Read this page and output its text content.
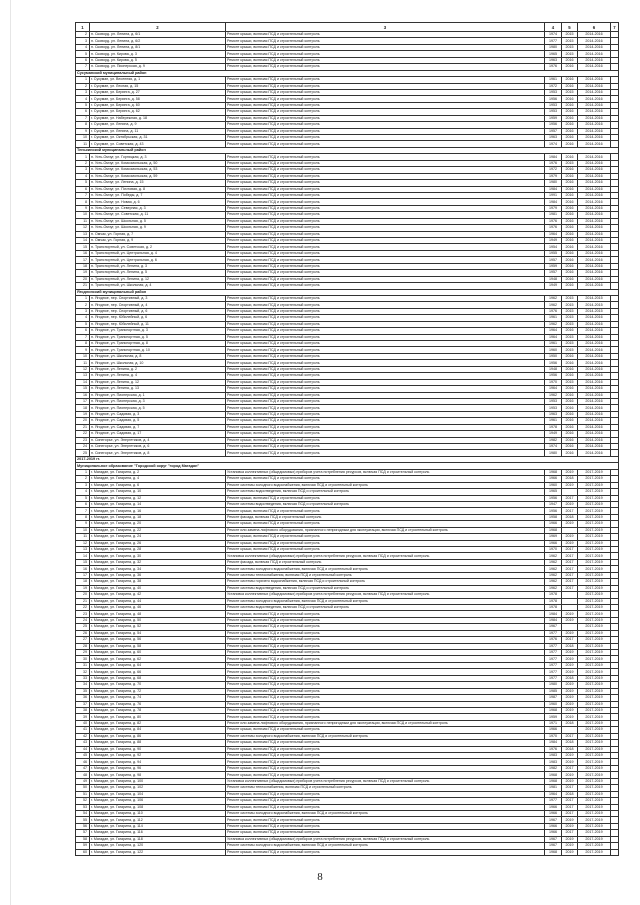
1	2	3	4	5	6	7
2	п. Сковорд. ул. Ленина, д. 6/1	Ремонт крыши, включая ПСД и строительный контроль	1974	2015	2014-2016	
3	п. Сковорд. ул. Ленина, д. 6/2	Ремонт крыши, включая ПСД и строительный контроль	1977	2015	2014-2016	
4	п. Сковорд. ул. Ленина, д. 8/1	Ремонт крыши, включая ПСД и строительный контроль	1980	2015	2014-2016	
5	п. Сковорд. ул. Кирова, д. 3	Ремонт крыши, включая ПСД и строительный контроль	1965	2015	2014-2016	
6	п. Сковорд. ул. Кирова, д. 5	Ремонт крыши, включая ПСД и строительный контроль	1963	2016	2014-2016	
7	п. Сковорд. ул. Пионерская, д. 9	Ремонт крыши, включая ПСД и строительный контроль	1976	2016	2014-2016	
Сусуманский муниципальный район						
1	г. Сусуман, ул. Весенняя, д. 1	Ремонт крыши, включая ПСД и строительный контроль	1961	2016	2014-2016	
2	г. Сусуман, ул. Лесная, д. 15	Ремонт крыши, включая ПСД и строительный контроль	1972	2016	2014-2016	
3	г. Сусуман, ул. Беринга, д. 27	Ремонт крыши, включая ПСД и строительный контроль	1953	2015	2014-2016	
4	г. Сусуман, ул. Беринга, д. 58	Ремонт крыши, включая ПСД и строительный контроль	1956	2016	2014-2016	
5	г. Сусуман, ул. Беринга, д. 60	Ремонт крыши, включая ПСД и строительный контроль	1953	2016	2014-2016	
6	г. Сусуман, ул. Беринга, д. 62	Ремонт крыши, включая ПСД и строительный контроль	1953	2016	2014-2016	
7	г. Сусуман, ул. Набережная, д. 18	Ремонт крыши, включая ПСД и строительный контроль	1959	2016	2014-2016	
8	г. Сусуман, ул. Ленина, д. 9	Ремонт крыши, включая ПСД и строительный контроль	1956	2016	2014-2016	
9	г. Сусуман, ул. Ленина, д. 11	Ремонт крыши, включая ПСД и строительный контроль	1957	2016	2014-2016	
10	г. Сусуман, ул. Октябрьская, д. 31	Ремонт крыши, включая ПСД и строительный контроль	1963	2016	2014-2016	
11	г. Сусуман, ул. Советская, д. 43	Ремонт крыши, включая ПСД и строительный контроль	1974	2016	2014-2016	
Тенькинский муниципальный район						
1	п. Усть-Омчуг, ул. Горняцкая, д. 3	Ремонт крыши, включая ПСД и строительный контроль	1984	2016	2014-2016	
2	п. Усть-Омчуг, ул. Комсомольская, д. 50	Ремонт крыши, включая ПСД и строительный контроль	1976	2015	2014-2016	
3	п. Усть-Омчуг, ул. Комсомольская, д. 53	Ремонт крыши, включая ПСД и строительный контроль	1972	2016	2014-2016	
4	п. Усть-Омчуг, ул. Комсомольская, д. 59	Ремонт крыши, включая ПСД и строительный контроль	1979	2016	2014-2016	
5	п. Усть-Омчуг, ул. Ленина, д. 15	Ремонт крыши, включая ПСД и строительный контроль	1980	2016	2014-2016	
6	п. Усть-Омчуг, ул. Почтовая, д. 8	Ремонт крыши, включая ПСД и строительный контроль	1984	2016	2014-2016	
7	п. Усть-Омчуг, ул. Победы, д. 7	Ремонт крыши, включая ПСД и строительный контроль	1991	2016	2014-2016	
8	п. Усть-Омчуг, ул. Новая, д. 6	Ремонт крыши, включая ПСД и строительный контроль	1984	2016	2014-2016	
9	п. Усть-Омчуг, ул. Северная, д. 3	Ремонт крыши, включая ПСД и строительный контроль	1979	2016	2014-2016	
10	п. Усть-Омчуг, ул. Советская, д. 11	Ремонт крыши, включая ПСД и строительный контроль	1981	2016	2014-2016	
11	п. Усть-Омчуг, ул. Школьная, д. 5	Ремонт крыши, включая ПСД и строительный контроль	1976	2016	2014-2016	
12	п. Усть-Омчуг, ул. Школьная, д. 9	Ремонт крыши, включая ПСД и строительный контроль	1976	2016	2014-2016	
13	п. Омчак, ул. Горная, д. 7	Ремонт крыши, включая ПСД и строительный контроль	1964	2016	2014-2016	
14	п. Омчак, ул. Горная, д. 9	Ремонт крыши, включая ПСД и строительный контроль	1949	2016	2014-2016	
15	п. Транспортный, ул. Советская, д. 2	Ремонт крыши, включая ПСД и строительный контроль	1954	2016	2014-2016	
16	п. Транспортный, ул. Центральная, д. 4	Ремонт крыши, включая ПСД и строительный контроль	1955	2016	2014-2016	
17	п. Транспортный, ул. Центральная, д. 6	Ремонт крыши, включая ПСД и строительный контроль	1957	2016	2014-2016	
18	п. Транспортный, ул. Ленина, д. 3	Ремонт крыши, включая ПСД и строительный контроль	1959	2016	2014-2016	
19	п. Транспортный, ул. Ленина, д. 5	Ремонт крыши, включая ПСД и строительный контроль	1957	2016	2014-2016	
20	п. Транспортный, ул. Ленина, д. 12	Ремонт крыши, включая ПСД и строительный контроль	1948	2016	2014-2016	
21	п. Транспортный, ул. Школьная, д. 4	Ремонт крыши, включая ПСД и строительный контроль	1949	2016	2014-2016	
Ягоднинский муниципальный район						
1	п. Ягодное, пер. Спортивный, д. 3	Ремонт крыши, включая ПСД и строительный контроль	1962	2015	2014-2015	
2	п. Ягодное, пер. Спортивный, д. 4	Ремонт крыши, включая ПСД и строительный контроль	1962	2015	2014-2015	
3	п. Ягодное, пер. Спортивный, д. 6	Ремонт крыши, включая ПСД и строительный контроль	1976	2015	2014-2015	
4	п. Ягодное, пер. Юбилейный, д. 6	Ремонт крыши, включая ПСД и строительный контроль	1961	2015	2014-2016	
5	п. Ягодное, пер. Юбилейный, д. 11	Ремонт крыши, включая ПСД и строительный контроль	1962	2015	2014-2016	
6	п. Ягодное, ул. Транспортная, д. 3	Ремонт крыши, включая ПСД и строительный контроль	1964	2016	2014-2016	
7	п. Ягодное, ул. Транспортная, д. 5	Ремонт крыши, включая ПСД и строительный контроль	1964	2015	2014-2016	
8	п. Ягодное, ул. Транспортная, д. 8	Ремонт крыши, включая ПСД и строительный контроль	1961	2015	2014-2016	
9	п. Ягодное, ул. Транспортная, д. 10	Ремонт крыши, включая ПСД и строительный контроль	1960	2015	2014-2016	
10	п. Ягодное, ул. Школьная, д. 8	Ремонт крыши, включая ПСД и строительный контроль	1950	2016	2014-2016	
11	п. Ягодное, ул. Школьная, д. 10	Ремонт крыши, включая ПСД и строительный контроль	1956	2016	2014-2016	
12	п. Ягодное, ул. Ленина, д. 2	Ремонт крыши, включая ПСД и строительный контроль	1948	2016	2014-2016	
13	п. Ягодное, ул. Ленина, д. 4	Ремонт крыши, включая ПСД и строительный контроль	1956	2016	2014-2016	
14	п. Ягодное, ул. Ленина, д. 12	Ремонт крыши, включая ПСД и строительный контроль	1970	2015	2014-2016	
15	п. Ягодное, ул. Ленина, д. 13	Ремонт крыши, включая ПСД и строительный контроль	1964	2016	2014-2016	
16	п. Ягодное, ул. Пионерская, д. 1	Ремонт крыши, включая ПСД и строительный контроль	1962	2016	2014-2016	
17	п. Ягодное, ул. Пионерская, д. 3	Ремонт крыши, включая ПСД и строительный контроль	1953	2016	2014-2016	
18	п. Ягодное, ул. Пионерская, д. 5	Ремонт крыши, включая ПСД и строительный контроль	1953	2016	2014-2016	
19	п. Ягодное, ул. Садовая, д. 3	Ремонт крыши, включая ПСД и строительный контроль	1963	2016	2014-2016	
20	п. Ягодное, ул. Садовая, д. 5	Ремонт крыши, включая ПСД и строительный контроль	1961	2016	2014-2016	
21	п. Ягодное, ул. Садовая, д. 7	Ремонт крыши, включая ПСД и строительный контроль	1978	2016	2014-2016	
22	п. Ягодное, ул. Садовая, д. 17	Ремонт крыши, включая ПСД и строительный контроль	1949	2016	2014-2016	
23	п. Синегорье, ул. Энергетиков, д. 4	Ремонт крыши, включая ПСД и строительный контроль	1982	2016	2014-2016	
24	п. Синегорье, ул. Энергетиков, д. 6	Ремонт крыши, включая ПСД и строительный контроль	1974	2016	2014-2016	
25	п. Синегорье, ул. Энергетиков, д. 8	Ремонт крыши, включая ПСД и строительный контроль	1980	2016	2014-2016	
2017-2019 гг.						
Муниципальное образование "Городской округ "город Магадан"						
1	г. Магадан, ул. Гагарина, д. 2	Установка коллективных (общедомовых) приборов учета потребления ресурсов, включая ПСД и строительный контроль	1968	2019	2017-2019	
2	г. Магадан, ул. Гагарина, д. 4	Ремонт крыши, включая ПСД и строительный контроль	1966	2018	2017-2019	
3	г. Магадан, ул. Гагарина, д. 6	Ремонт системы холодного водоснабжения, включая ПСД и строительный контроль	1960	2019	2017-2019	
4	г. Магадан, ул. Гагарина, д. 10	Ремонт системы водоотведения, включая ПСД и строительный контроль	1965		2017-2019	
5	г. Магадан, ул. Гагарина, д. 12	Ремонт крыши, включая ПСД и строительный контроль	1956	2017	2017-2019	
6	г. Магадан, ул. Гагарина, д. 14	Ремонт системы водоотведения, включая ПСД и строительный контроль	1947	2019	2017-2019	
7	г. Магадан, ул. Гагарина, д. 16	Ремонт крыши, включая ПСД и строительный контроль	1956	2017	2017-2019	
8	г. Магадан, ул. Гагарина, д. 18	Ремонт фасада, включая ПСД и строительный контроль	1958	2018	2017-2019	
9	г. Магадан, ул. Гагарина, д. 20	Ремонт крыши, включая ПСД и строительный контроль	1966	2019	2017-2019	
10	г. Магадан, ул. Гагарина, д. 22	Ремонт или замена лифтового оборудования, признанного непригодным для эксплуатации, включая ПСД и строительный контроль	1968		2017-2019	
11	г. Магадан, ул. Гагарина, д. 24	Ремонт крыши, включая ПСД и строительный контроль	1969	2019	2017-2019	
12	г. Магадан, ул. Гагарина, д. 26	Ремонт крыши, включая ПСД и строительный контроль	1966	2019	2017-2019	
13	г. Магадан, ул. Гагарина, д. 28	Ремонт крыши, включая ПСД и строительный контроль	1970	2017	2017-2019	
14	г. Магадан, ул. Гагарина, д. 30	Установка коллективных (общедомовых) приборов учета потребления ресурсов, включая ПСД и строительный контроль	1962	2017	2017-2019	
15	г. Магадан, ул. Гагарина, д. 32	Ремонт фасада, включая ПСД и строительный контроль	1962	2017	2017-2019	
16	г. Магадан, ул. Гагарина, д. 34	Ремонт системы холодного водоснабжения, включая ПСД и строительный контроль	1962	2017	2017-2019	
17	г. Магадан, ул. Гагарина, д. 36	Ремонт системы теплоснабжения, включая ПСД и строительный контроль	1962	2017	2017-2019	
18	г. Магадан, ул. Гагарина, д. 38	Ремонт системы горячего водоснабжения, включая ПСД и строительный контроль	1962	2017	2017-2019	
19	г. Магадан, ул. Гагарина, д. 40	Ремонт системы водоотведения, включая ПСД и строительный контроль	1962	2017	2017-2019	
20	г. Магадан, ул. Гагарина, д. 42	Установка коллективных (общедомовых) приборов учета потребления ресурсов, включая ПСД и строительный контроль	1978		2017-2019	
21	г. Магадан, ул. Гагарина, д. 44	Ремонт системы холодного водоснабжения, включая ПСД и строительный контроль	1978		2017-2019	
22	г. Магадан, ул. Гагарина, д. 46	Ремонт системы водоотведения, включая ПСД и строительный контроль	1978		2017-2019	
23	г. Магадан, ул. Гагарина, д. 48	Ремонт крыши, включая ПСД и строительный контроль	1984	2019	2017-2019	
24	г. Магадан, ул. Гагарина, д. 50	Ремонт крыши, включая ПСД и строительный контроль	1984	2019	2017-2019	
25	г. Магадан, ул. Гагарина, д. 52	Ремонт крыши, включая ПСД и строительный контроль	1967		2017-2019	
26	г. Магадан, ул. Гагарина, д. 54	Ремонт крыши, включая ПСД и строительный контроль	1977	2019	2017-2019	
27	г. Магадан, ул. Гагарина, д. 56	Ремонт крыши, включая ПСД и строительный контроль	1976	2017	2017-2019	
28	г. Магадан, ул. Гагарина, д. 58	Ремонт крыши, включая ПСД и строительный контроль	1977	2018	2017-2019	
29	г. Магадан, ул. Гагарина, д. 60	Ремонт крыши, включая ПСД и строительный контроль	1977	2019	2017-2019	
30	г. Магадан, ул. Гагарина, д. 62	Ремонт крыши, включая ПСД и строительный контроль	1977	2019	2017-2019	
31	г. Магадан, ул. Гагарина, д. 64	Ремонт крыши, включая ПСД и строительный контроль	1977	2019	2017-2019	
32	г. Магадан, ул. Гагарина, д. 66	Ремонт крыши, включая ПСД и строительный контроль	1977	2019	2017-2019	
33	г. Магадан, ул. Гагарина, д. 68	Ремонт крыши, включая ПСД и строительный контроль	1977	2018	2017-2019	
34	г. Магадан, ул. Гагарина, д. 70	Ремонт крыши, включая ПСД и строительный контроль	1980	2019	2017-2019	
35	г. Магадан, ул. Гагарина, д. 72	Ремонт крыши, включая ПСД и строительный контроль	1985	2019	2017-2019	
36	г. Магадан, ул. Гагарина, д. 74	Ремонт крыши, включая ПСД и строительный контроль	1987	2019	2017-2019	
37	г. Магадан, ул. Гагарина, д. 76	Ремонт крыши, включая ПСД и строительный контроль	1960	2019	2017-2019	
38	г. Магадан, ул. Гагарина, д. 78	Ремонт крыши, включая ПСД и строительный контроль	1968	2019	2017-2019	
39	г. Магадан, ул. Гагарина, д. 80	Ремонт крыши, включая ПСД и строительный контроль	1959	2019	2017-2019	
40	г. Магадан, ул. Гагарина, д. 82	Ремонт или замена лифтового оборудования, признанного непригодным для эксплуатации, включая ПСД и строительный контроль	1971	2018	2017-2019	
41	г. Магадан, ул. Гагарина, д. 84	Ремонт крыши, включая ПСД и строительный контроль	1966		2017-2019	
42	г. Магадан, ул. Гагарина, д. 86	Ремонт системы холодного водоснабжения, включая ПСД и строительный контроль	1970	2017	2017-2019	
43	г. Магадан, ул. Гагарина, д. 88	Ремонт крыши, включая ПСД и строительный контроль	1984	2018	2017-2019	
44	г. Магадан, ул. Гагарина, д. 90	Ремонт крыши, включая ПСД и строительный контроль	1976	2018	2017-2019	
45	г. Магадан, ул. Гагарина, д. 92	Ремонт крыши, включая ПСД и строительный контроль	1983	2019	2017-2019	
46	г. Магадан, ул. Гагарина, д. 94	Ремонт крыши, включая ПСД и строительный контроль	1983	2019	2017-2019	
47	г. Магадан, ул. Гагарина, д. 96	Ремонт крыши, включая ПСД и строительный контроль	1982	2017	2017-2019	
48	г. Магадан, ул. Гагарина, д. 98	Ремонт крыши, включая ПСД и строительный контроль	1968	2019	2017-2019	
49	г. Магадан, ул. Гагарина, д. 100	Установка коллективных (общедомовых) приборов учета потребления ресурсов, включая ПСД и строительный контроль	1968	2019	2017-2019	
50	г. Магадан, ул. Гагарина, д. 102	Ремонт системы теплоснабжения, включая ПСД и строительный контроль	1981	2017	2017-2019	
51	г. Магадан, ул. Гагарина, д. 104	Ремонт крыши, включая ПСД и строительный контроль	1964	2018	2017-2019	
52	г. Магадан, ул. Гагарина, д. 106	Ремонт крыши, включая ПСД и строительный контроль	1977	2017	2017-2019	
53	г. Магадан, ул. Гагарина, д. 108	Ремонт крыши, включая ПСД и строительный контроль	1966	2017	2017-2019	
54	г. Магадан, ул. Гагарина, д. 110	Ремонт системы холодного водоснабжения, включая ПСД и строительный контроль	1966	2017	2017-2019	
55	г. Магадан, ул. Гагарина, д. 112	Ремонт крыши, включая ПСД и строительный контроль	1967	2019	2017-2019	
56	г. Магадан, ул. Гагарина, д. 114	Ремонт крыши, включая ПСД и строительный контроль	1966	2019	2017-2019	
57	г. Магадан, ул. Гагарина, д. 116	Ремонт крыши, включая ПСД и строительный контроль	1966	2017	2017-2019	
58	г. Магадан, ул. Гагарина, д. 118	Установка коллективных (общедомовых) приборов учета потребления ресурсов, включая ПСД и строительный контроль	1967	2019	2017-2019	
59	г. Магадан, ул. Гагарина, д. 120	Ремонт системы холодного водоснабжения, включая ПСД и строительный контроль	1967	2019	2017-2019	
60	г. Магадан, ул. Гагарина, д. 122	Ремонт крыши, включая ПСД и строительный контроль	1968	2019	2017-2019	
8
